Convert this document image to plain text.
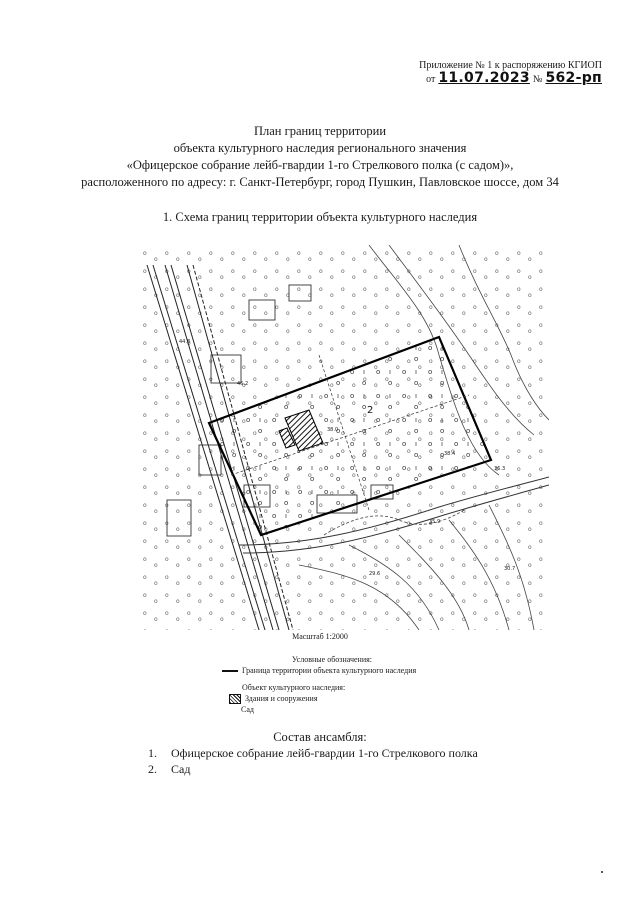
Приложение № 1 к распоряжению КГИОП
от 11.07.2023 № 562-рп
План границ территории
объекта культурного наследия регионального значения
«Офицерское собрание лейб-гвардии 1-го Стрелкового полка (с садом)»,
расположенного по адресу: г. Санкт-Петербург, город Пушкин, Павловское шоссе, дом 34
1. Схема границ территории объекта культурного наследия
2
44.8
46.2
38.4
36.3
30.7
29.6
35.9
38.0
Масштаб 1:2000
Условные обозначения:
Граница территории объекта культурного наследия
Объект культурного наследия:
Здания и сооружения
Сад
Состав ансамбля:
1. Офицерское собрание лейб-гвардии 1-го Стрелкового полка
2. Сад
